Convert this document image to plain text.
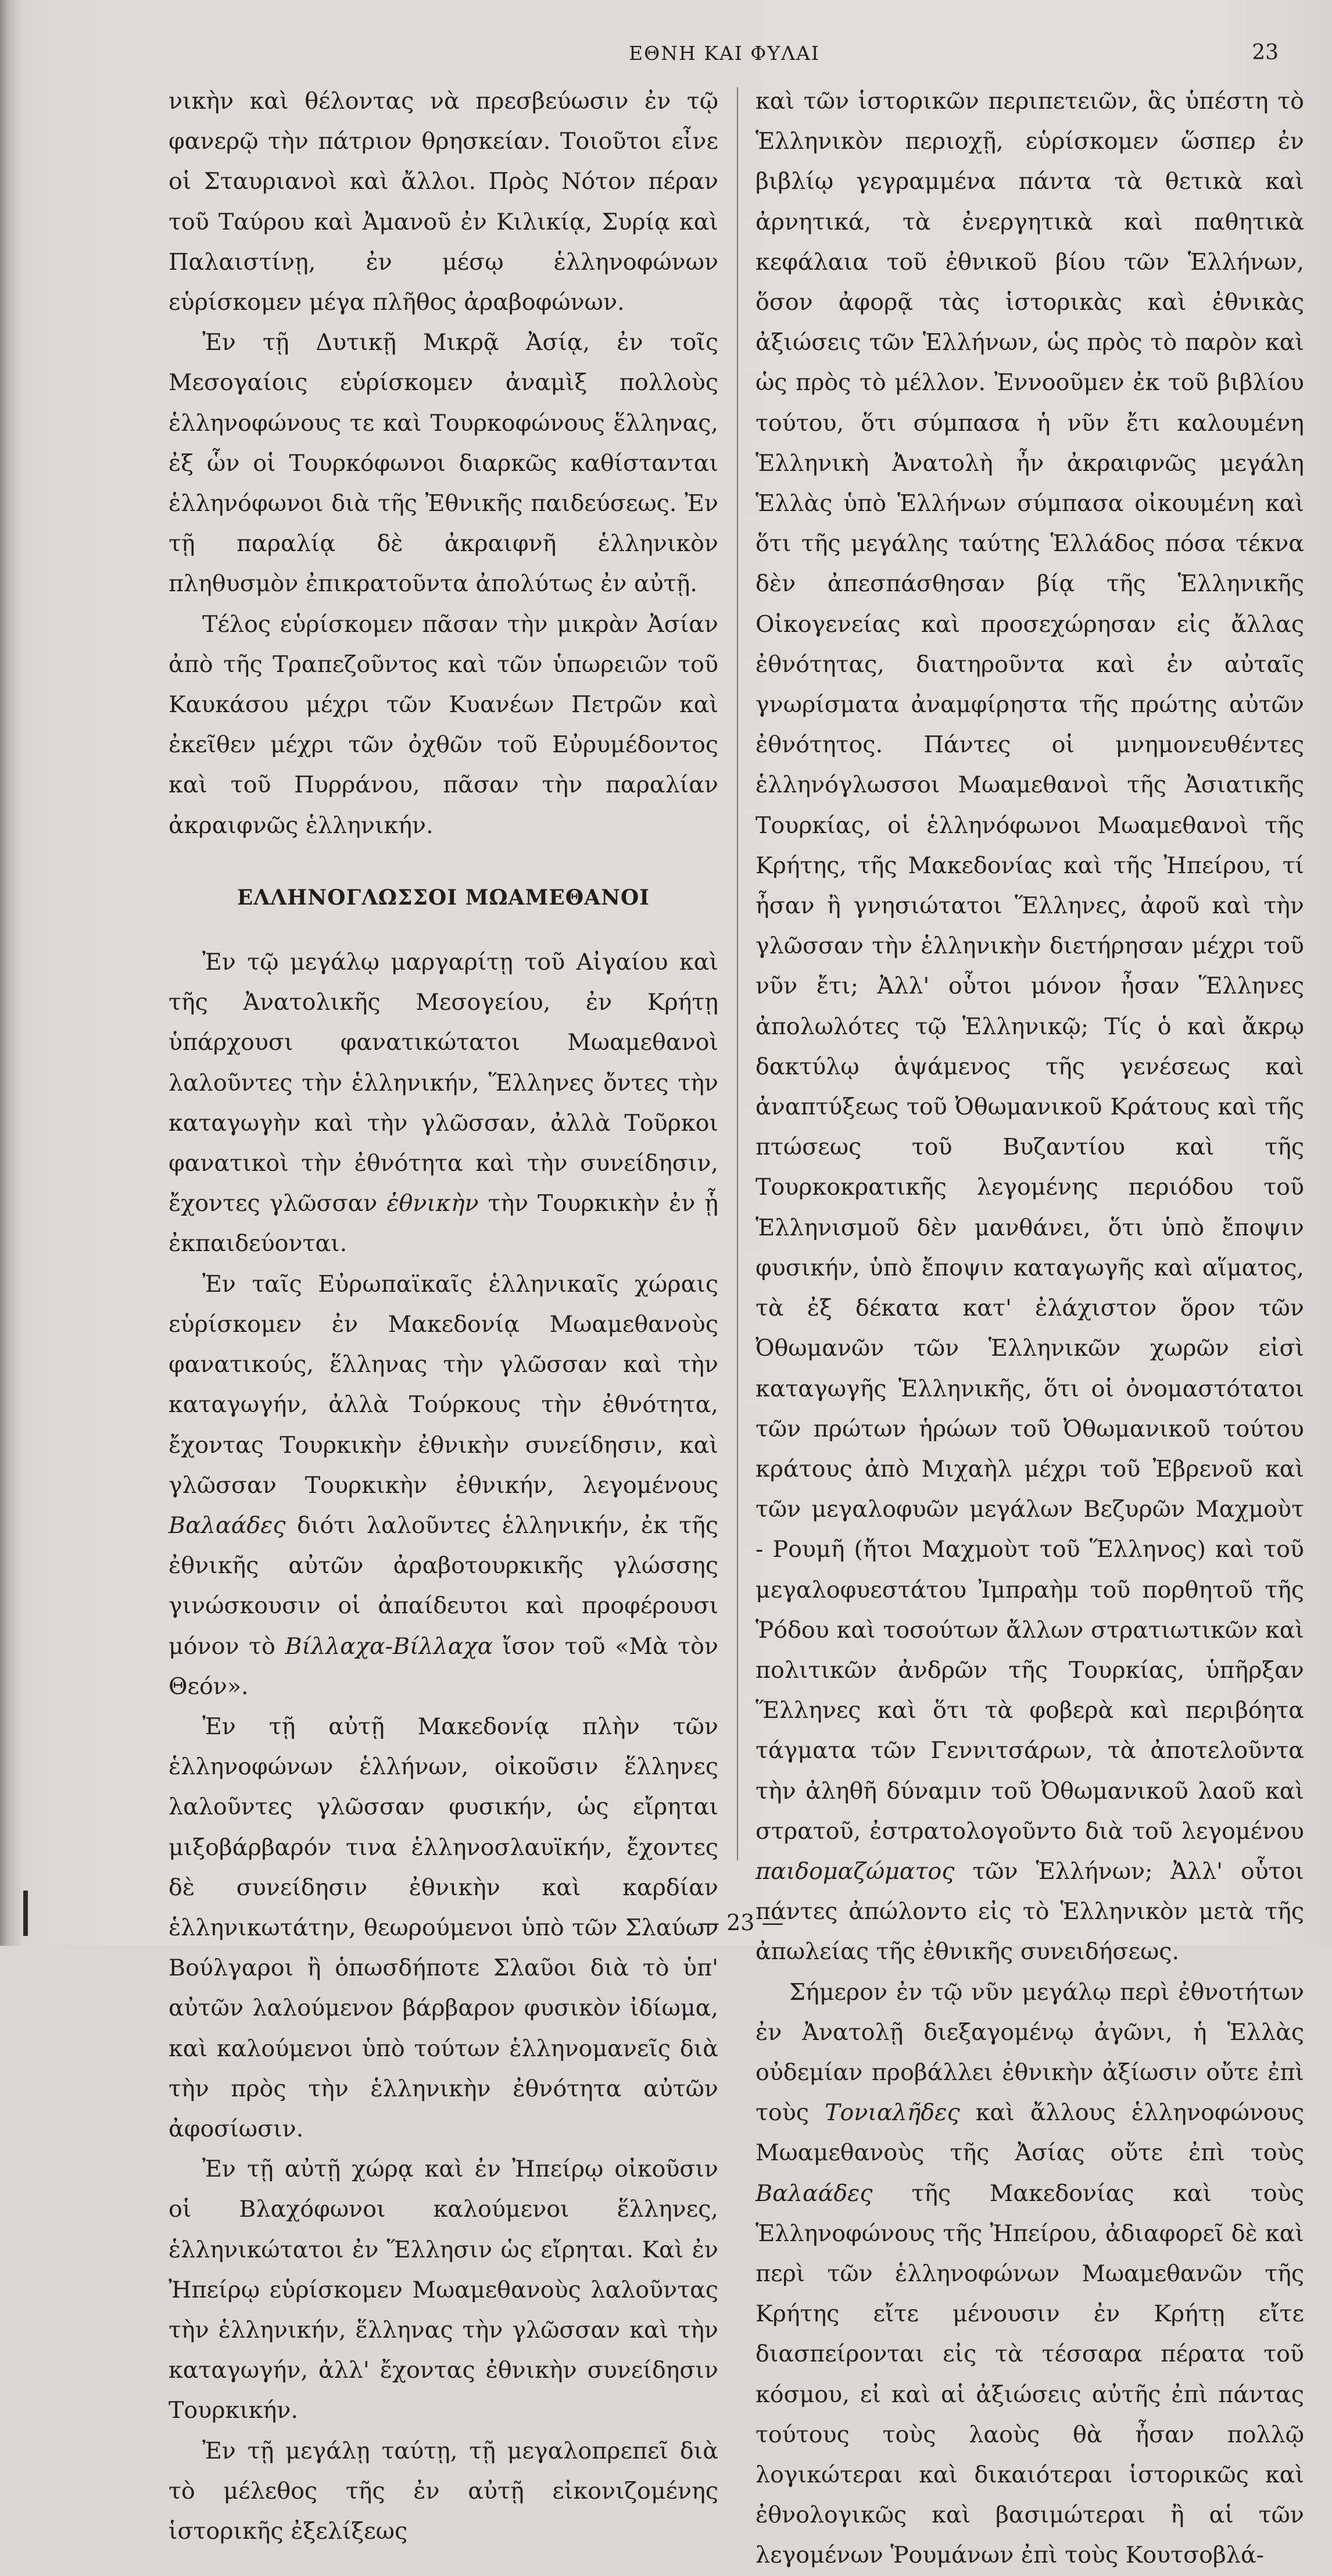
ΕΘΝΗ ΚΑΙ ΦΥΛΑΙ	23

νικὴν καὶ θέλοντας νὰ πρεσβεύωσιν ἐν τῷ φανερῷ τὴν πάτριον θρησκείαν. Τοιοῦτοι εἶνε οἱ Σταυριανοὶ καὶ ἄλλοι. Πρὸς Νότον πέραν τοῦ Ταύρου καὶ Ἀμανοῦ ἐν Κιλικίᾳ, Συρίᾳ καὶ Παλαιστίνῃ, ἐν μέσῳ ἑλληνοφώνων εὑρίσκομεν μέγα πλῆθος ἀραβοφώνων.

Ἐν τῇ Δυτικῇ Μικρᾷ Ἀσίᾳ, ἐν τοῖς Μεσογαίοις εὑρίσκομεν ἀναμὶξ πολλοὺς ἑλληνοφώνους τε καὶ Τουρκοφώνους ἕλληνας, ἐξ ὧν οἱ Τουρκόφωνοι διαρκῶς καθίστανται ἑλληνόφωνοι διὰ τῆς Ἐθνικῆς παιδεύσεως. Ἐν τῇ παραλίᾳ δὲ ἀκραιφνῆ ἑλληνικὸν πληθυσμὸν ἐπικρατοῦντα ἀπολύτως ἐν αὐτῇ.

Τέλος εὑρίσκομεν πᾶσαν τὴν μικρὰν Ἀσίαν ἀπὸ τῆς Τραπεζοῦντος καὶ τῶν ὑπωρειῶν τοῦ Καυκάσου μέχρι τῶν Κυανέων Πετρῶν καὶ ἐκεῖθεν μέχρι τῶν ὀχθῶν τοῦ Εὐρυμέδοντος καὶ τοῦ Πυρράνου, πᾶσαν τὴν παραλίαν ἀκραιφνῶς ἑλληνικήν.

ΕΛΛΗΝΟΓΛΩΣΣΟΙ ΜΩΑΜΕΘΑΝΟΙ

Ἐν τῷ μεγάλῳ μαργαρίτῃ τοῦ Αἰγαίου καὶ τῆς Ἀνατολικῆς Μεσογείου, ἐν Κρήτῃ ὑπάρχουσι φανατικώτατοι Μωαμεθανοὶ λαλοῦντες τὴν ἑλληνικήν, Ἕλληνες ὄντες τὴν καταγωγὴν καὶ τὴν γλῶσσαν, ἀλλὰ Τοῦρκοι φανατικοὶ τὴν ἐθνότητα καὶ τὴν συνείδησιν, ἔχοντες γλῶσσαν ἐθνικὴν τὴν Τουρκικὴν ἐν ᾗ ἐκπαιδεύονται.

Ἐν ταῖς Εὐρωπαϊκαῖς ἑλληνικαῖς χώραις εὑρίσκομεν ἐν Μακεδονίᾳ Μωαμεθανοὺς φανατικούς, ἕλληνας τὴν γλῶσσαν καὶ τὴν καταγωγήν, ἀλλὰ Τούρκους τὴν ἐθνότητα, ἔχοντας Τουρκικὴν ἐθνικὴν συνείδησιν, καὶ γλῶσσαν Τουρκικὴν ἐθνικήν, λεγομένους Βαλαάδες διότι λαλοῦντες ἑλληνικήν, ἐκ τῆς ἐθνικῆς αὐτῶν ἀραβοτουρκικῆς γλώσσης γινώσκουσιν οἱ ἀπαίδευτοι καὶ προφέρουσι μόνον τὸ Βίλλαχα-Βίλλαχα ἴσον τοῦ «Μὰ τὸν Θεόν».

Ἐν τῇ αὐτῇ Μακεδονίᾳ πλὴν τῶν ἑλληνοφώνων ἑλλήνων, οἰκοῦσιν ἕλληνες λαλοῦντες γλῶσσαν φυσικήν, ὡς εἴρηται μιξοβάρβαρόν τινα ἑλληνοσλαυϊκήν, ἔχοντες δὲ συνείδησιν ἐθνικὴν καὶ καρδίαν ἑλληνικωτάτην, θεωρούμενοι ὑπὸ τῶν Σλαύων Βούλγαροι ἢ ὁπωσδήποτε Σλαῦοι διὰ τὸ ὑπ' αὐτῶν λαλούμενον βάρβαρον φυσικὸν ἰδίωμα, καὶ καλούμενοι ὑπὸ τούτων ἑλληνομανεῖς διὰ τὴν πρὸς τὴν ἑλληνικὴν ἐθνότητα αὐτῶν ἀφοσίωσιν.

Ἐν τῇ αὐτῇ χώρᾳ καὶ ἐν Ἠπείρῳ οἰκοῦσιν οἱ Βλαχόφωνοι καλούμενοι ἕλληνες, ἑλληνικώτατοι ἐν Ἕλλησιν ὡς εἴρηται. Καὶ ἐν Ἠπείρῳ εὑρίσκομεν Μωαμεθανοὺς λαλοῦντας τὴν ἑλληνικήν, ἕλληνας τὴν γλῶσσαν καὶ τὴν καταγωγήν, ἀλλ' ἔχοντας ἐθνικὴν συνείδησιν Τουρκικήν.

Ἐν τῇ μεγάλῃ ταύτῃ, τῇ μεγαλοπρεπεῖ διὰ τὸ μέλεθος τῆς ἐν αὐτῇ εἰκονιζομένης ἱστορικῆς ἐξελίξεως

καὶ τῶν ἱστορικῶν περιπετειῶν, ἃς ὑπέστη τὸ Ἑλληνικὸν περιοχῇ, εὑρίσκομεν ὥσπερ ἐν βιβλίῳ γεγραμμένα πάντα τὰ θετικὰ καὶ ἀρνητικά, τὰ ἐνεργητικὰ καὶ παθητικὰ κεφάλαια τοῦ ἐθνικοῦ βίου τῶν Ἑλλήνων, ὅσον ἀφορᾷ τὰς ἱστορικὰς καὶ ἐθνικὰς ἀξιώσεις τῶν Ἑλλήνων, ὡς πρὸς τὸ παρὸν καὶ ὡς πρὸς τὸ μέλλον. Ἐννοοῦμεν ἐκ τοῦ βιβλίου τούτου, ὅτι σύμπασα ἡ νῦν ἔτι καλουμένη Ἑλληνικὴ Ἀνατολὴ ἦν ἀκραιφνῶς μεγάλη Ἑλλὰς ὑπὸ Ἑλλήνων σύμπασα οἰκουμένη καὶ ὅτι τῆς μεγάλης ταύτης Ἑλλάδος πόσα τέκνα δὲν ἀπεσπάσθησαν βίᾳ τῆς Ἑλληνικῆς Οἰκογενείας καὶ προσεχώρησαν εἰς ἄλλας ἐθνότητας, διατηροῦντα καὶ ἐν αὐταῖς γνωρίσματα ἀναμφίρηστα τῆς πρώτης αὐτῶν ἐθνότητος. Πάντες οἱ μνημονευθέντες ἑλληνόγλωσσοι Μωαμεθανοὶ τῆς Ἀσιατικῆς Τουρκίας, οἱ ἑλληνόφωνοι Μωαμεθανοὶ τῆς Κρήτης, τῆς Μακεδονίας καὶ τῆς Ἠπείρου, τί ἦσαν ἢ γνησιώτατοι Ἕλληνες, ἀφοῦ καὶ τὴν γλῶσσαν τὴν ἑλληνικὴν διετήρησαν μέχρι τοῦ νῦν ἔτι; Ἀλλ' οὗτοι μόνον ἦσαν Ἕλληνες ἀπολωλότες τῷ Ἑλληνικῷ; Τίς ὁ καὶ ἄκρῳ δακτύλῳ ἁψάμενος τῆς γενέσεως καὶ ἀναπτύξεως τοῦ Ὀθωμανικοῦ Κράτους καὶ τῆς πτώσεως τοῦ Βυζαντίου καὶ τῆς Τουρκοκρατικῆς λεγομένης περιόδου τοῦ Ἑλληνισμοῦ δὲν μανθάνει, ὅτι ὑπὸ ἔποψιν φυσικήν, ὑπὸ ἔποψιν καταγωγῆς καὶ αἵματος, τὰ ἐξ δέκατα κατ' ἐλάχιστον ὅρον τῶν Ὀθωμανῶν τῶν Ἑλληνικῶν χωρῶν εἰσὶ καταγωγῆς Ἑλληνικῆς, ὅτι οἱ ὀνομαστότατοι τῶν πρώτων ἡρώων τοῦ Ὀθωμανικοῦ τούτου κράτους ἀπὸ Μιχαὴλ μέχρι τοῦ Ἐβρενοῦ καὶ τῶν μεγαλοφυῶν μεγάλων Βεζυρῶν Μαχμοὺτ - Ρουμῆ (ἤτοι Μαχμοὺτ τοῦ Ἕλληνος) καὶ τοῦ μεγαλοφυεστάτου Ἰμπραὴμ τοῦ πορθητοῦ τῆς Ῥόδου καὶ τοσούτων ἄλλων στρατιωτικῶν καὶ πολιτικῶν ἀνδρῶν τῆς Τουρκίας, ὑπῆρξαν Ἕλληνες καὶ ὅτι τὰ φοβερὰ καὶ περιβόητα τάγματα τῶν Γεννιτσάρων, τὰ ἀποτελοῦντα τὴν ἀληθῆ δύναμιν τοῦ Ὀθωμανικοῦ λαοῦ καὶ στρατοῦ, ἐστρατολογοῦντο διὰ τοῦ λεγομένου παιδομαζώματος τῶν Ἑλλήνων; Ἀλλ' οὗτοι πάντες ἀπώλοντο εἰς τὸ Ἑλληνικὸν μετὰ τῆς ἀπωλείας τῆς ἐθνικῆς συνειδήσεως.

Σήμερον ἐν τῷ νῦν μεγάλῳ περὶ ἐθνοτήτων ἐν Ἀνατολῇ διεξαγομένῳ ἀγῶνι, ἡ Ἑλλὰς οὐδεμίαν προβάλλει ἐθνικὴν ἀξίωσιν οὔτε ἐπὶ τοὺς Τονιαλῆδες καὶ ἄλλους ἑλληνοφώνους Μωαμεθανοὺς τῆς Ἀσίας οὔτε ἐπὶ τοὺς Βαλαάδες τῆς Μακεδονίας καὶ τοὺς Ἑλληνοφώνους τῆς Ἠπείρου, ἀδιαφορεῖ δὲ καὶ περὶ τῶν ἑλληνοφώνων Μωαμεθανῶν τῆς Κρήτης εἴτε μένουσιν ἐν Κρήτῃ εἴτε διασπείρονται εἰς τὰ τέσσαρα πέρατα τοῦ κόσμου, εἰ καὶ αἱ ἀξιώσεις αὐτῆς ἐπὶ πάντας τούτους τοὺς λαοὺς θὰ ἦσαν πολλῷ λογικώτεραι καὶ δικαιότεραι ἱστορικῶς καὶ ἐθνολογικῶς καὶ βασιμώτεραι ἢ αἱ τῶν λεγομένων Ῥουμάνων ἐπὶ τοὺς Κουτσοβλά-

— 23 —
